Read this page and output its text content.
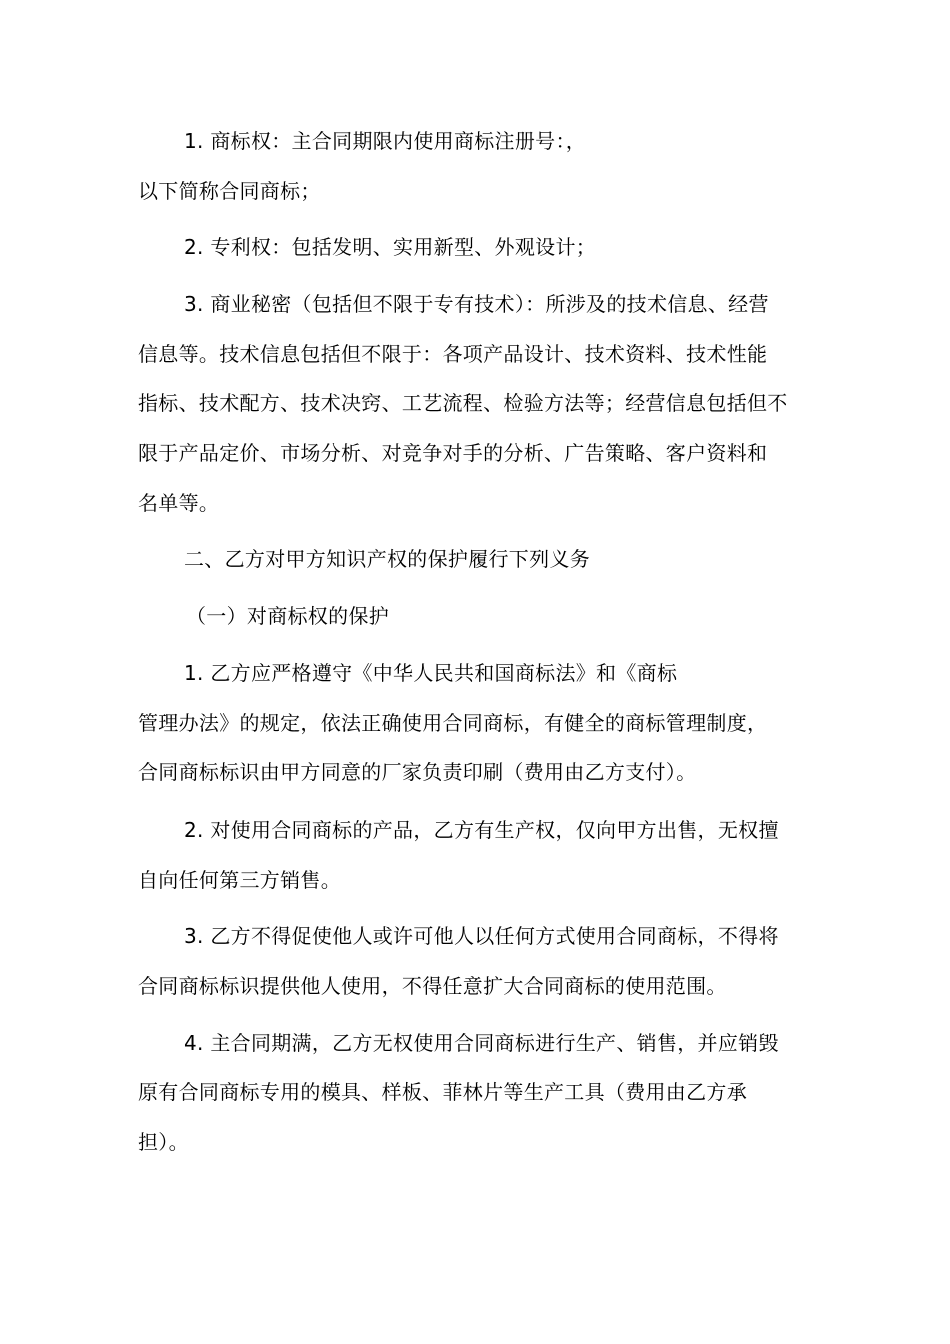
1. 商标权：主合同期限内使用商标注册号：，
以下简称合同商标；
2. 专利权：包括发明、实用新型、外观设计；
3. 商业秘密（包括但不限于专有技术）：所涉及的技术信息、经营
信息等。技术信息包括但不限于：各项产品设计、技术资料、技术性能
指标、技术配方、技术决窍、工艺流程、检验方法等；经营信息包括但不
限于产品定价、市场分析、对竞争对手的分析、广告策略、客户资料和
名单等。
二、乙方对甲方知识产权的保护履行下列义务
（一）对商标权的保护
1. 乙方应严格遵守《中华人民共和国商标法》和《商标
管理办法》的规定，依法正确使用合同商标，有健全的商标管理制度，
合同商标标识由甲方同意的厂家负责印刷（费用由乙方支付）。
2. 对使用合同商标的产品，乙方有生产权，仅向甲方出售，无权擅
自向任何第三方销售。
3. 乙方不得促使他人或许可他人以任何方式使用合同商标，不得将
合同商标标识提供他人使用，不得任意扩大合同商标的使用范围。
4. 主合同期满，乙方无权使用合同商标进行生产、销售，并应销毁
原有合同商标专用的模具、样板、菲林片等生产工具（费用由乙方承
担）。
